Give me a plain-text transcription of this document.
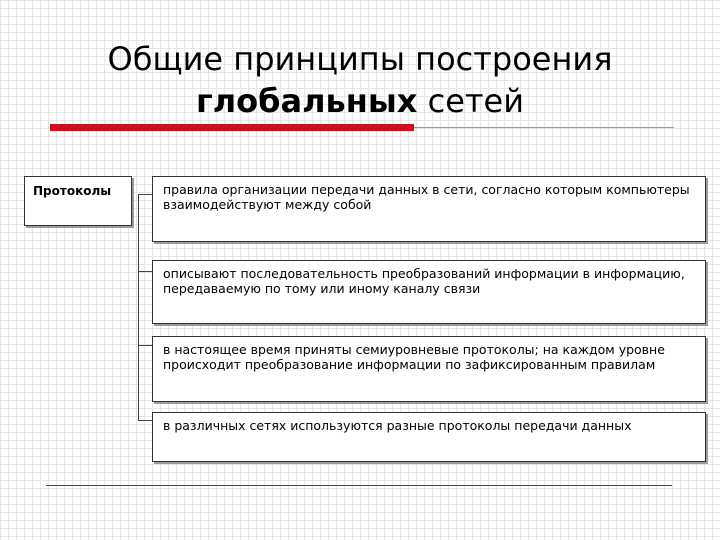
Общие принципы построения
глобальных сетей
Протоколы	правила организации передачи данных в сети, согласно которым компьютеры взаимодействуют между собой
описывают последовательность преобразований информации в информацию, передаваемую по тому или иному каналу связи
в настоящее время приняты семиуровневые протоколы; на каждом уровне происходит преобразование информации по зафиксированным правилам
в различных сетях используются разные протоколы передачи данных
